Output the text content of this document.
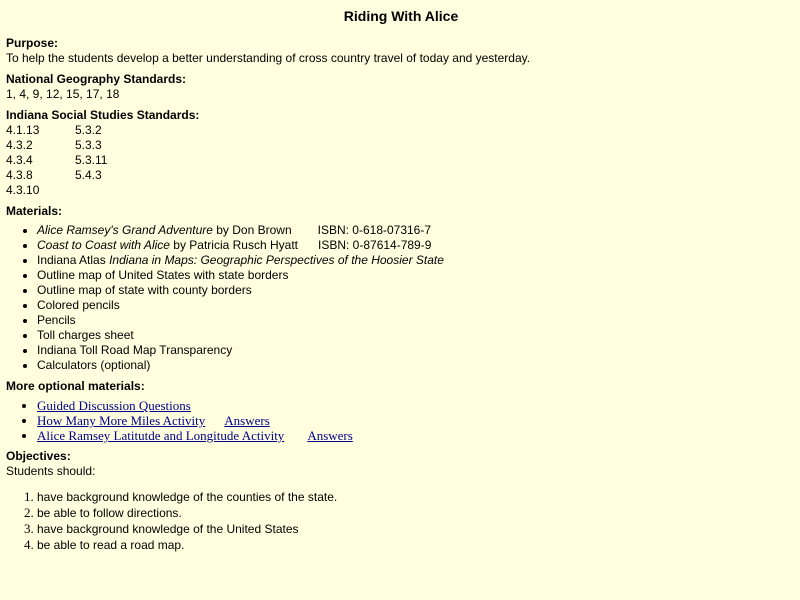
Riding With Alice
Purpose:

To help the students develop a better understanding of cross country travel of today and yesterday.

National Geography Standards:

1, 4, 9, 12, 15, 17, 18

Indiana Social Studies Standards:
4.1.13	5.3.2
4.3.2	5.3.3
4.3.4	5.3.11
4.3.8	5.4.3
4.3.10
Materials:
• Alice Ramsey's Grand Adventure by Don Brown ISBN: 0-618-07316-7
• Coast to Coast with Alice by Patricia Rusch Hyatt ISBN: 0-87614-789-9
• Indiana Atlas Indiana in Maps: Geographic Perspectives of the Hoosier State
• Outline map of United States with state borders
• Outline map of state with county borders
• Colored pencils
• Pencils
• Toll charges sheet
• Indiana Toll Road Map Transparency
• Calculators (optional)
More optional materials:
• Guided Discussion Questions
• How Many More Miles Activity Answers
• Alice Ramsey Latitutde and Longitude Activity Answers
Objectives:

Students should:

1. have background knowledge of the counties of the state.
2. be able to follow directions.
3. have background knowledge of the United States
4. be able to read a road map.
